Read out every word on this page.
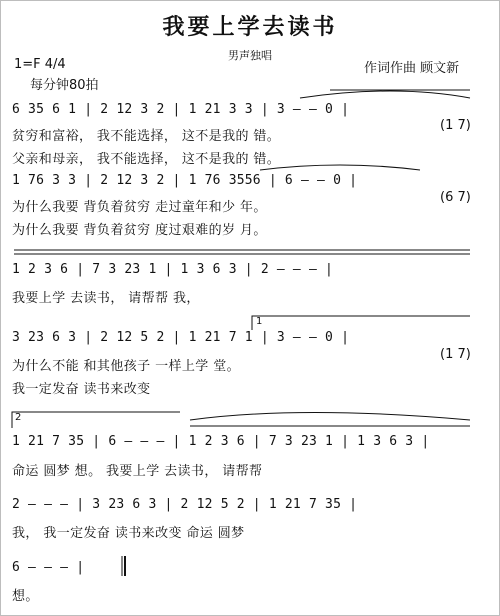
我要上学去读书
男声独唱
1=F 4/4
每分钟80拍
作词作曲 顾文新
6 35 6 1 | 2 12 3 2 | 1 21 3 3 | 3 — — 0 |
贫穷和富裕， 我不能选择， 这不是我的 错。
父亲和母亲， 我不能选择， 这不是我的 错。
1 76 3 3 | 2 12 3 2 | 1 76 3556 | 6 — — 0 |
为什么我要 背负着贫穷 走过童年和少 年。
为什么我要 背负着贫穷 度过艰难的岁 月。
1 2 3 6 | 7 3 23 1 | 1 3 6 3 | 2 — — — |
我要上学 去读书， 请帮帮 我，
3 23 6 3 | 2 12 5 2 | 1 21 7 1 | 3 — — 0 |
为什么不能 和其他孩子 一样上学 堂。
我一定发奋 读书来改变
1 21 7 35 | 6 — — — | 1 2 3 6 | 7 3 23 1 | 1 3 6 3 |
命运 圆梦 想。 我要上学 去读书， 请帮帮
2 — — — | 3 23 6 3 | 2 12 5 2 | 1 21 7 35 |
我， 我一定发奋 读书来改变 命运 圆梦
6 — — — |
想。
(1 7)
(6 7)
(1 7)
1
2
